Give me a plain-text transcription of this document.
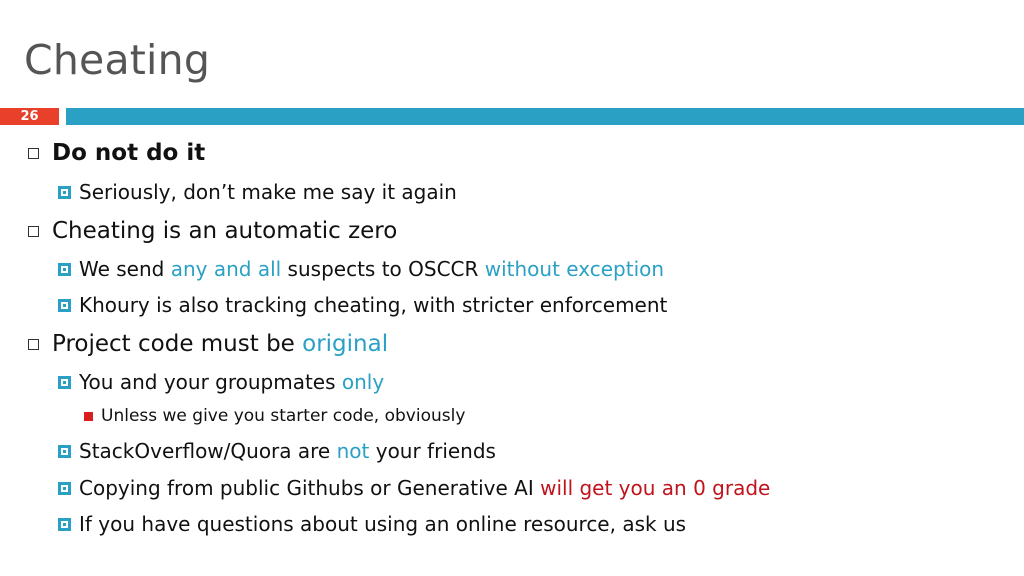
Cheating
26
Do not do it
Seriously, don’t make me say it again
Cheating is an automatic zero
We send any and all suspects to OSCCR without exception
Khoury is also tracking cheating, with stricter enforcement
Project code must be original
You and your groupmates only
Unless we give you starter code, obviously
StackOverflow/Quora are not your friends
Copying from public Githubs or Generative AI will get you an 0 grade
If you have questions about using an online resource, ask us
